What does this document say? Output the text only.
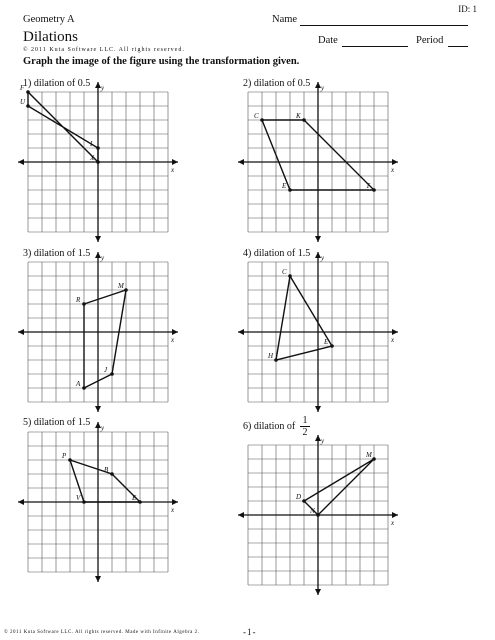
ID: 1
Geometry A	Name
Dilations	Date	Period
© 2011 Kuta Software LLC. All rights reserved.
Graph the image of the figure using the transformation given.
1) dilation of 0.5	2) dilation of 0.5
3) dilation of 1.5	4) dilation of 1.5
5) dilation of 1.5	6) dilation of $\frac{1}{2}$
x
y
F
U
I
X
x
y
C	K
T
E
x
y
R
M
J
A
x
y
C
E
H
x
y
P
B
E
V
x
y
M
N
D
© 2011 Kuta Software LLC. All rights reserved. Made with Infinite Algebra 2.	-1-
